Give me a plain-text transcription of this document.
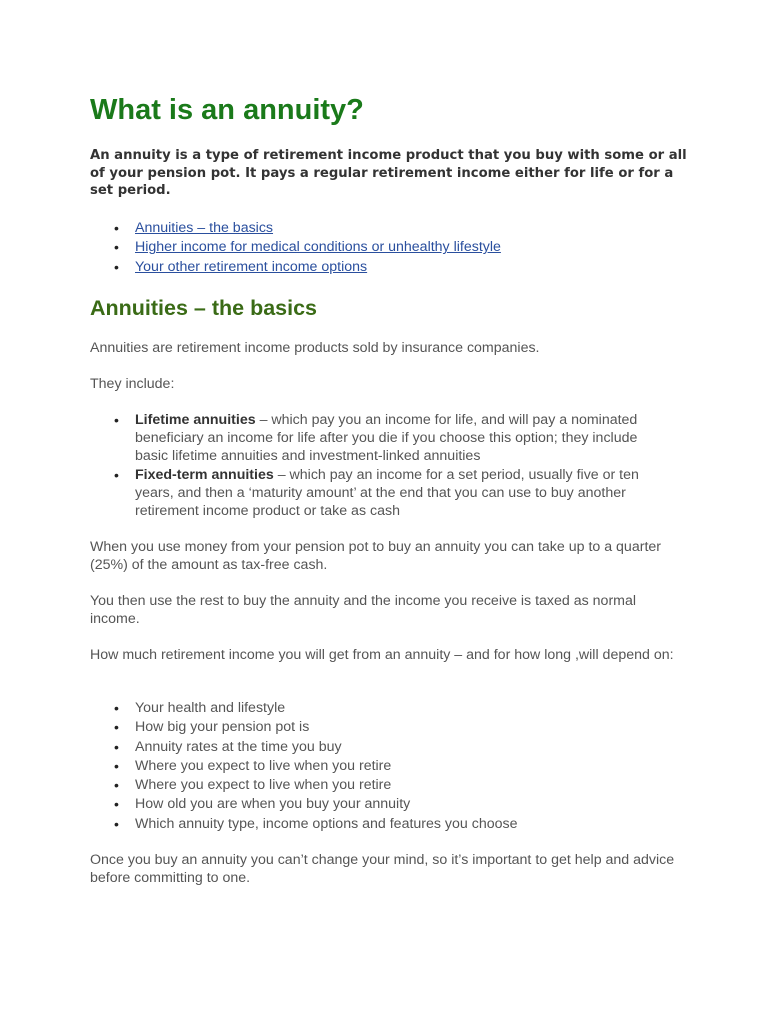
What is an annuity?

An annuity is a type of retirement income product that you buy with some or all of your pension pot. It pays a regular retirement income either for life or for a set period.

• Annuities – the basics
• Higher income for medical conditions or unhealthy lifestyle
• Your other retirement income options
Annuities – the basics

Annuities are retirement income products sold by insurance companies.

They include:

• Lifetime annuities – which pay you an income for life, and will pay a nominated beneficiary an income for life after you die if you choose this option; they include basic lifetime annuities and investment-linked annuities
• Fixed-term annuities – which pay an income for a set period, usually five or ten years, and then a ‘maturity amount’ at the end that you can use to buy another retirement income product or take as cash

When you use money from your pension pot to buy an annuity you can take up to a quarter (25%) of the amount as tax-free cash.

You then use the rest to buy the annuity and the income you receive is taxed as normal income.

How much retirement income you will get from an annuity – and for how long ,will depend on:

• Your health and lifestyle
• How big your pension pot is
• Annuity rates at the time you buy
• Where you expect to live when you retire
• Where you expect to live when you retire
• How old you are when you buy your annuity
• Which annuity type, income options and features you choose

Once you buy an annuity you can’t change your mind, so it’s important to get help and advice before committing to one.
